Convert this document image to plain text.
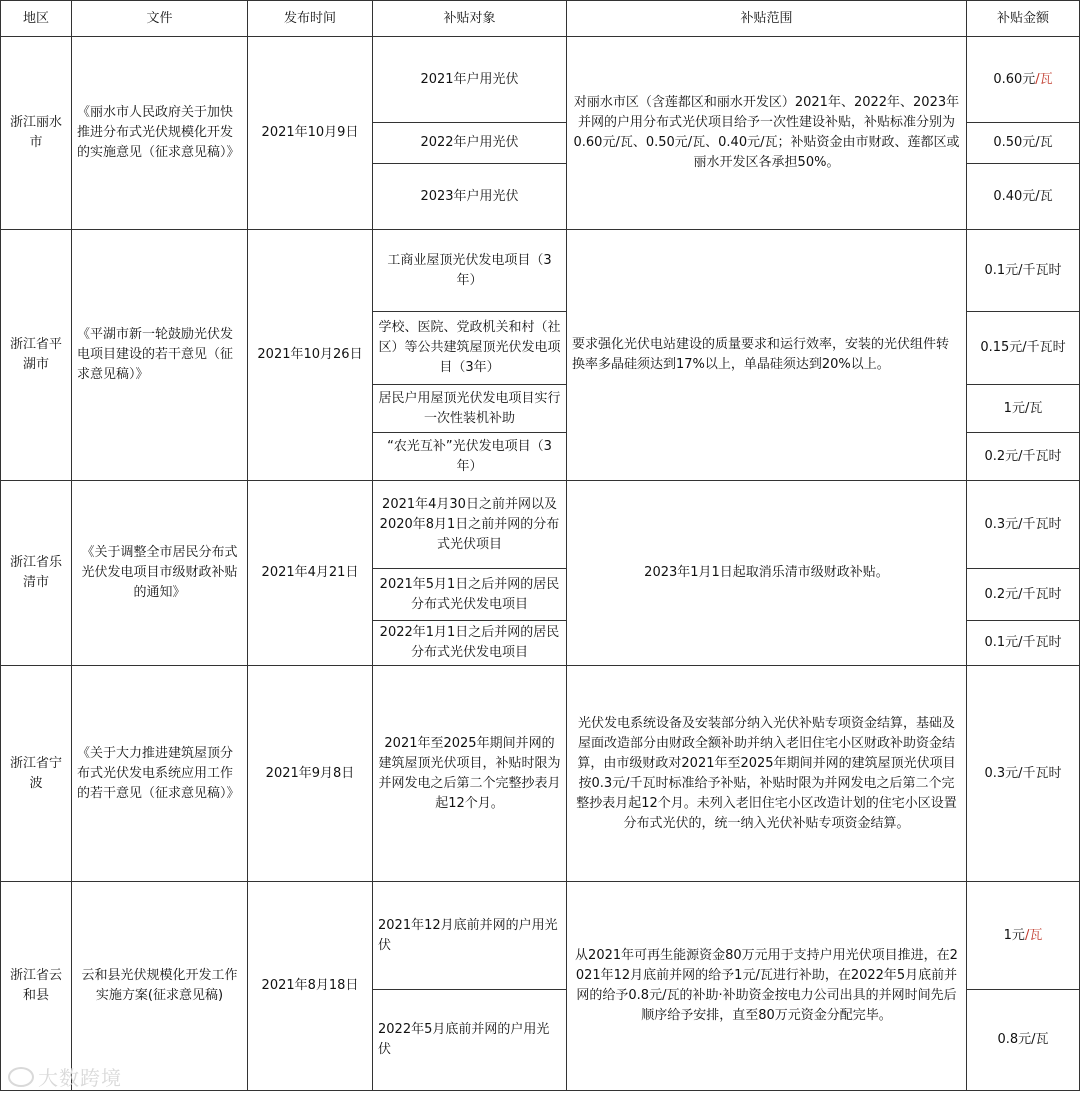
地区	文件	发布时间	补贴对象	补贴范围	补贴金额
浙江丽水市	《丽水市人民政府关于加快推进分布式光伏规模化开发的实施意见（征求意见稿）》	2021年10月9日	2021年户用光伏	对丽水市区（含莲都区和丽水开发区）2021年、2022年、2023年并网的户用分布式光伏项目给予一次性建设补贴，补贴标准分别为0.60元/瓦、0.50元/瓦、0.40元/瓦；补贴资金由市财政、莲都区或丽水开发区各承担50%。	0.60元/瓦
			2022年户用光伏		0.50元/瓦
			2023年户用光伏		0.40元/瓦
浙江省平湖市	《平湖市新一轮鼓励光伏发电项目建设的若干意见（征求意见稿）》	2021年10月26日	工商业屋顶光伏发电项目（3年）	要求强化光伏电站建设的质量要求和运行效率，安装的光伏组件转换率多晶硅须达到17%以上，单晶硅须达到20%以上。	0.1元/千瓦时
			学校、医院、党政机关和村（社区）等公共建筑屋顶光伏发电项目（3年）		0.15元/千瓦时
			居民户用屋顶光伏发电项目实行一次性装机补助		1元/瓦
			“农光互补”光伏发电项目（3年）		0.2元/千瓦时
浙江省乐清市	《关于调整全市居民分布式光伏发电项目市级财政补贴的通知》	2021年4月21日	2021年4月30日之前并网以及2020年8月1日之前并网的分布式光伏项目	2023年1月1日起取消乐清市级财政补贴。	0.3元/千瓦时
			2021年5月1日之后并网的居民分布式光伏发电项目		0.2元/千瓦时
			2022年1月1日之后并网的居民分布式光伏发电项目		0.1元/千瓦时
浙江省宁波	《关于大力推进建筑屋顶分布式光伏发电系统应用工作的若干意见（征求意见稿）》	2021年9月8日	2021年至2025年期间并网的建筑屋顶光伏项目，补贴时限为并网发电之后第二个完整抄表月起12个月。	光伏发电系统设备及安装部分纳入光伏补贴专项资金结算，基础及屋面改造部分由财政全额补助并纳入老旧住宅小区财政补助资金结算，由市级财政对2021年至2025年期间并网的建筑屋顶光伏项目按0.3元/千瓦时标准给予补贴，补贴时限为并网发电之后第二个完整抄表月起12个月。未列入老旧住宅小区改造计划的住宅小区设置分布式光伏的，统一纳入光伏补贴专项资金结算。	0.3元/千瓦时
浙江省云和县	云和县光伏规模化开发工作实施方案(征求意见稿)	2021年8月18日	2021年12月底前并网的户用光伏	从2021年可再生能源资金80万元用于支持户用光伏项目推进，在2021年12月底前并网的给予1元/瓦进行补助，在2022年5月底前并网的给予0.8元/瓦的补助·补助资金按电力公司出具的并网时间先后顺序给予安排，直至80万元资金分配完毕。	1元/瓦
			2022年5月底前并网的户用光伏		0.8元/瓦
大数跨境
